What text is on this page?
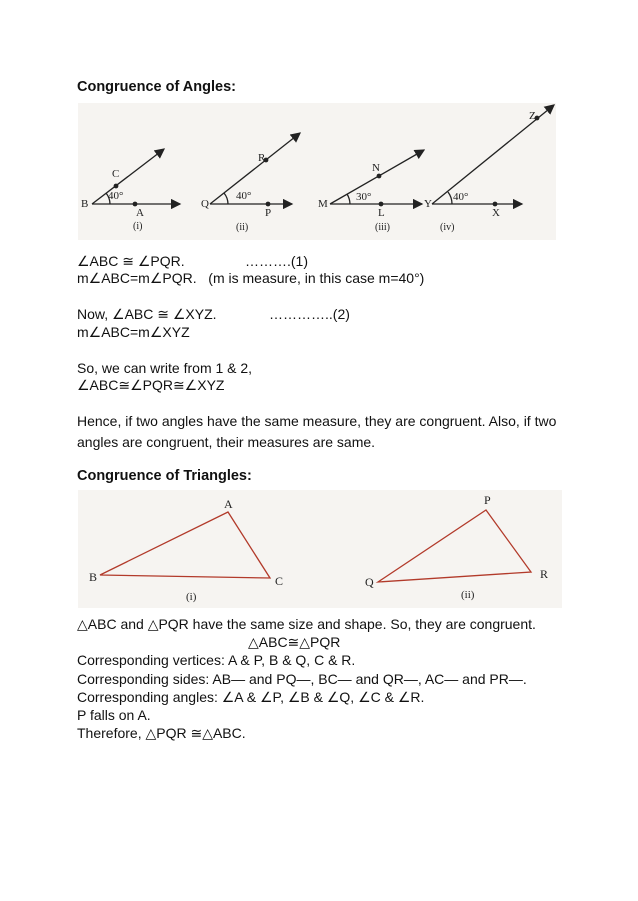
Congruence of Angles:
B
C
A
40°
(i)
Q
R
P
40°
(ii)
M
N
L
30°
(iii)
Y
Z
X
40°
(iv)
∠ABC ≅ ∠PQR.	……….(1)
m∠ABC=m∠PQR.   (m is measure, in this case m=40°)
Now, ∠ABC ≅ ∠XYZ.	…………..(2)
m∠ABC=m∠XYZ
So, we can write from 1 & 2,
∠ABC≅∠PQR≅∠XYZ
Hence, if two angles have the same measure, they are congruent. Also, if two angles are congruent, their measures are same.
Congruence of Triangles:
A
B	C
(i)
P
Q
R
(ii)
△ABC and △PQR have the same size and shape. So, they are congruent.
△ABC≅△PQR
Corresponding vertices: A & P, B & Q, C & R.
Corresponding sides: AB— and PQ—, BC— and QR—, AC— and PR—.
Corresponding angles: ∠A & ∠P, ∠B & ∠Q, ∠C & ∠R.
P falls on A.
Therefore, △PQR ≅△ABC.
